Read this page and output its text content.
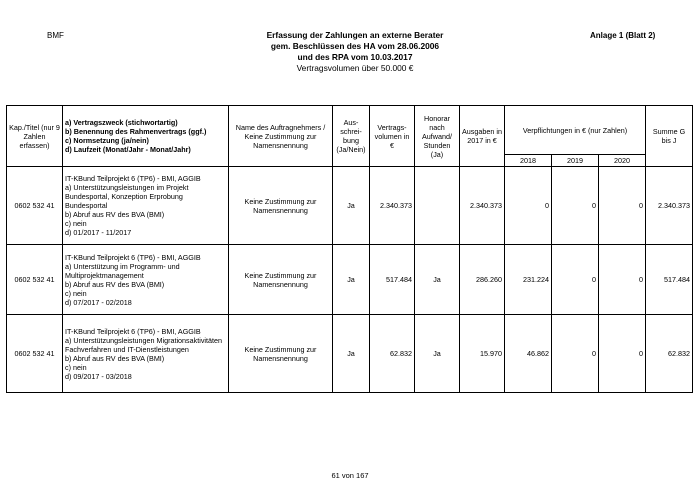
BMF	Anlage 1 (Blatt 2)
Erfassung der Zahlungen an externe Berater
gem. Beschlüssen des HA vom 28.06.2006
und des RPA vom 10.03.2017
Vertragsvolumen über 50.000 €
Kap./Titel (nur 9 Zahlen erfassen)	a) Vertragszweck (stichwortartig)
b) Benennung des Rahmenvertrags (ggf.)
c) Normsetzung (ja/nein)
d) Laufzeit (Monat/Jahr - Monat/Jahr)	Name des Auftragnehmers / Keine Zustimmung zur Namensnennung	Aus-schrei-bung (Ja/Nein)	Vertrags-volumen in €	Honorar nach Aufwand/ Stunden (Ja)	Ausgaben in 2017 in €	Verpflichtungen in € (nur Zahlen)			Summe G bis J
							2018	2019	2020	
0602 532 41	IT-KBund Teilprojekt 6 (TP6) - BMI, AGGIB
a) Unterstützungsleistungen im Projekt Bundesportal, Konzeption Erprobung Bundesportal
b) Abruf aus RV des BVA (BMI)
c) nein
d) 01/2017 - 11/2017	Keine Zustimmung zur Namensnennung	Ja	2.340.373		2.340.373	0	0	0	2.340.373
0602 532 41	IT-KBund Teilprojekt 6 (TP6) - BMI, AGGIB
a) Unterstützung im Programm- und Multiprojektmanagement
b) Abruf aus RV des BVA (BMI)
c) nein
d) 07/2017 - 02/2018	Keine Zustimmung zur Namensnennung	Ja	517.484	Ja	286.260	231.224	0	0	517.484
0602 532 41	IT-KBund Teilprojekt 6 (TP6) - BMI, AGGIB
a) Unterstützungsleistungen Migrationsaktivitäten Fachverfahren und IT-Dienstleistungen
b) Abruf aus RV des BVA (BMI)
c) nein
d) 09/2017 - 03/2018	Keine Zustimmung zur Namensnennung	Ja	62.832	Ja	15.970	46.862	0	0	62.832
61 von 167
